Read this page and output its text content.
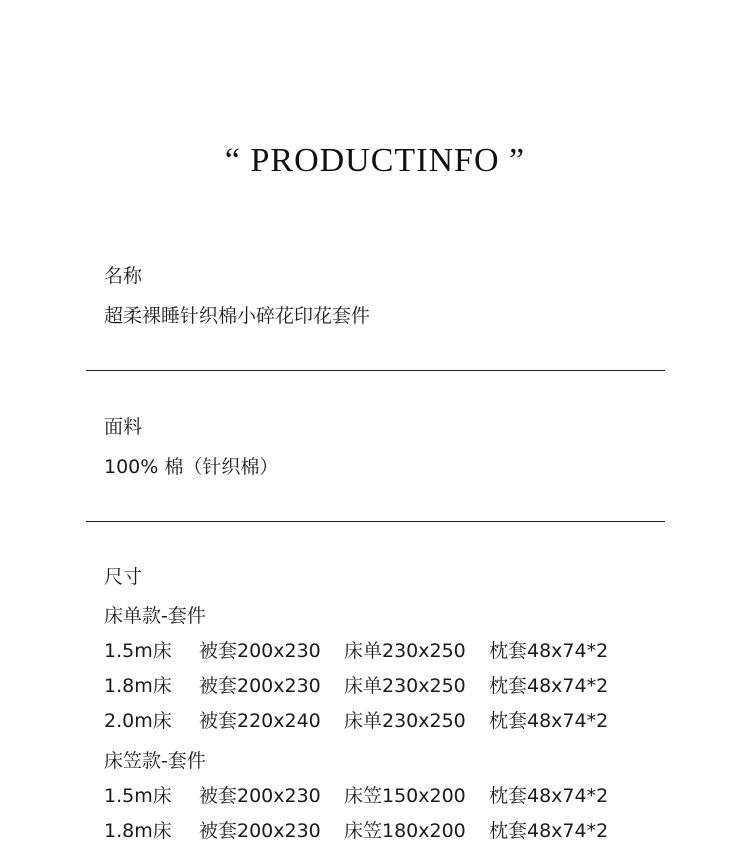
“ PRODUCTINFO ”
名称
超柔裸睡针织棉小碎花印花套件
面料
100% 棉（针织棉）
尺寸
床单款-套件
1.5m床	被套200x230	床单230x250	枕套48x74*2
1.8m床	被套200x230	床单230x250	枕套48x74*2
2.0m床	被套220x240	床单230x250	枕套48x74*2
床笠款-套件
1.5m床	被套200x230	床笠150x200	枕套48x74*2
1.8m床	被套200x230	床笠180x200	枕套48x74*2
